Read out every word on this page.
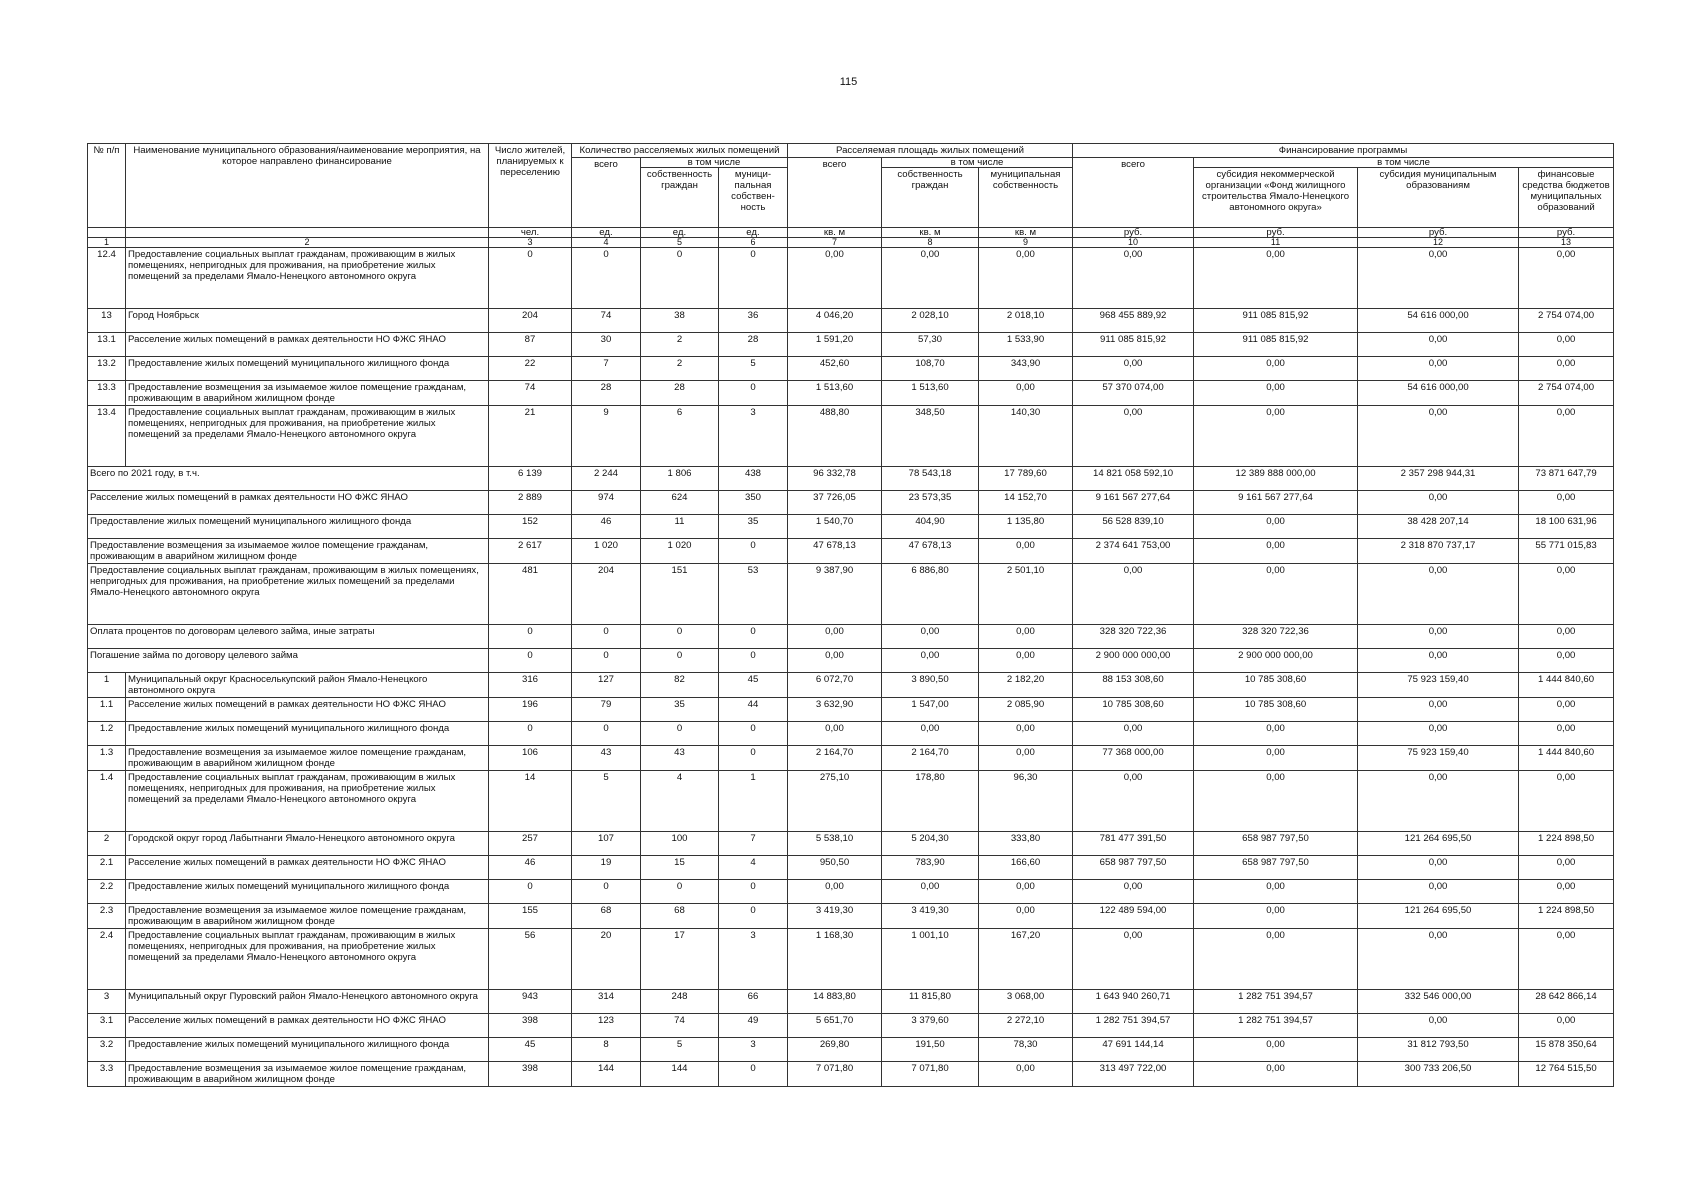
115
№ п/п	Наименование муниципального образования/наименование мероприятия, на которое направлено финансирование	Число жителей, планируемых к переселению	Количество расселяемых жилых помещений			Расселяемая площадь жилых помещений			Финансирование программы			
			всего	в том числе		всего	в том числе		всего	в том числе		
				собственность граждан	муници-пальная собствен-ность		собственность граждан	муниципальная собственность		субсидия некоммерческой организации «Фонд жилищного строительства Ямало-Ненецкого автономного округа»	субсидия муниципальным образованиям	финансовые средства бюджетов муниципальных образований
		чел.	ед.	ед.	ед.	кв. м	кв. м	кв. м	руб.	руб.	руб.	руб.
1	2	3	4	5	6	7	8	9	10	11	12	13
12.4	Предоставление социальных выплат гражданам, проживающим в жилых помещениях, непригодных для проживания, на приобретение жилых помещений за пределами Ямало-Ненецкого автономного округа	0	0	0	0	0,00	0,00	0,00	0,00	0,00	0,00	0,00
13	Город Ноябрьск	204	74	38	36	4 046,20	2 028,10	2 018,10	968 455 889,92	911 085 815,92	54 616 000,00	2 754 074,00
13.1	Расселение жилых помещений в рамках деятельности НО ФЖС ЯНАО	87	30	2	28	1 591,20	57,30	1 533,90	911 085 815,92	911 085 815,92	0,00	0,00
13.2	Предоставление жилых помещений муниципального жилищного фонда	22	7	2	5	452,60	108,70	343,90	0,00	0,00	0,00	0,00
13.3	Предоставление возмещения за изымаемое жилое помещение гражданам, проживающим в аварийном жилищном фонде	74	28	28	0	1 513,60	1 513,60	0,00	57 370 074,00	0,00	54 616 000,00	2 754 074,00
13.4	Предоставление социальных выплат гражданам, проживающим в жилых помещениях, непригодных для проживания, на приобретение жилых помещений за пределами Ямало-Ненецкого автономного округа	21	9	6	3	488,80	348,50	140,30	0,00	0,00	0,00	0,00
Всего по 2021 году, в т.ч.		6 139	2 244	1 806	438	96 332,78	78 543,18	17 789,60	14 821 058 592,10	12 389 888 000,00	2 357 298 944,31	73 871 647,79
Расселение жилых помещений в рамках деятельности НО ФЖС ЯНАО		2 889	974	624	350	37 726,05	23 573,35	14 152,70	9 161 567 277,64	9 161 567 277,64	0,00	0,00
Предоставление жилых помещений муниципального жилищного фонда		152	46	11	35	1 540,70	404,90	1 135,80	56 528 839,10	0,00	38 428 207,14	18 100 631,96
Предоставление возмещения за изымаемое жилое помещение гражданам, проживающим в аварийном жилищном фонде		2 617	1 020	1 020	0	47 678,13	47 678,13	0,00	2 374 641 753,00	0,00	2 318 870 737,17	55 771 015,83
Предоставление социальных выплат гражданам, проживающим в жилых помещениях, непригодных для проживания, на приобретение жилых помещений за пределами Ямало-Ненецкого автономного округа		481	204	151	53	9 387,90	6 886,80	2 501,10	0,00	0,00	0,00	0,00
Оплата процентов по договорам целевого займа, иные затраты		0	0	0	0	0,00	0,00	0,00	328 320 722,36	328 320 722,36	0,00	0,00
Погашение займа по договору целевого займа		0	0	0	0	0,00	0,00	0,00	2 900 000 000,00	2 900 000 000,00	0,00	0,00
1	Муниципальный округ Красноселькупский район Ямало-Ненецкого автономного округа	316	127	82	45	6 072,70	3 890,50	2 182,20	88 153 308,60	10 785 308,60	75 923 159,40	1 444 840,60
1.1	Расселение жилых помещений в рамках деятельности НО ФЖС ЯНАО	196	79	35	44	3 632,90	1 547,00	2 085,90	10 785 308,60	10 785 308,60	0,00	0,00
1.2	Предоставление жилых помещений муниципального жилищного фонда	0	0	0	0	0,00	0,00	0,00	0,00	0,00	0,00	0,00
1.3	Предоставление возмещения за изымаемое жилое помещение гражданам, проживающим в аварийном жилищном фонде	106	43	43	0	2 164,70	2 164,70	0,00	77 368 000,00	0,00	75 923 159,40	1 444 840,60
1.4	Предоставление социальных выплат гражданам, проживающим в жилых помещениях, непригодных для проживания, на приобретение жилых помещений за пределами Ямало-Ненецкого автономного округа	14	5	4	1	275,10	178,80	96,30	0,00	0,00	0,00	0,00
2	Городской округ город Лабытнанги Ямало-Ненецкого автономного округа	257	107	100	7	5 538,10	5 204,30	333,80	781 477 391,50	658 987 797,50	121 264 695,50	1 224 898,50
2.1	Расселение жилых помещений в рамках деятельности НО ФЖС ЯНАО	46	19	15	4	950,50	783,90	166,60	658 987 797,50	658 987 797,50	0,00	0,00
2.2	Предоставление жилых помещений муниципального жилищного фонда	0	0	0	0	0,00	0,00	0,00	0,00	0,00	0,00	0,00
2.3	Предоставление возмещения за изымаемое жилое помещение гражданам, проживающим в аварийном жилищном фонде	155	68	68	0	3 419,30	3 419,30	0,00	122 489 594,00	0,00	121 264 695,50	1 224 898,50
2.4	Предоставление социальных выплат гражданам, проживающим в жилых помещениях, непригодных для проживания, на приобретение жилых помещений за пределами Ямало-Ненецкого автономного округа	56	20	17	3	1 168,30	1 001,10	167,20	0,00	0,00	0,00	0,00
3	Муниципальный округ Пуровский район Ямало-Ненецкого автономного округа	943	314	248	66	14 883,80	11 815,80	3 068,00	1 643 940 260,71	1 282 751 394,57	332 546 000,00	28 642 866,14
3.1	Расселение жилых помещений в рамках деятельности НО ФЖС ЯНАО	398	123	74	49	5 651,70	3 379,60	2 272,10	1 282 751 394,57	1 282 751 394,57	0,00	0,00
3.2	Предоставление жилых помещений муниципального жилищного фонда	45	8	5	3	269,80	191,50	78,30	47 691 144,14	0,00	31 812 793,50	15 878 350,64
3.3	Предоставление возмещения за изымаемое жилое помещение гражданам, проживающим в аварийном жилищном фонде	398	144	144	0	7 071,80	7 071,80	0,00	313 497 722,00	0,00	300 733 206,50	12 764 515,50
